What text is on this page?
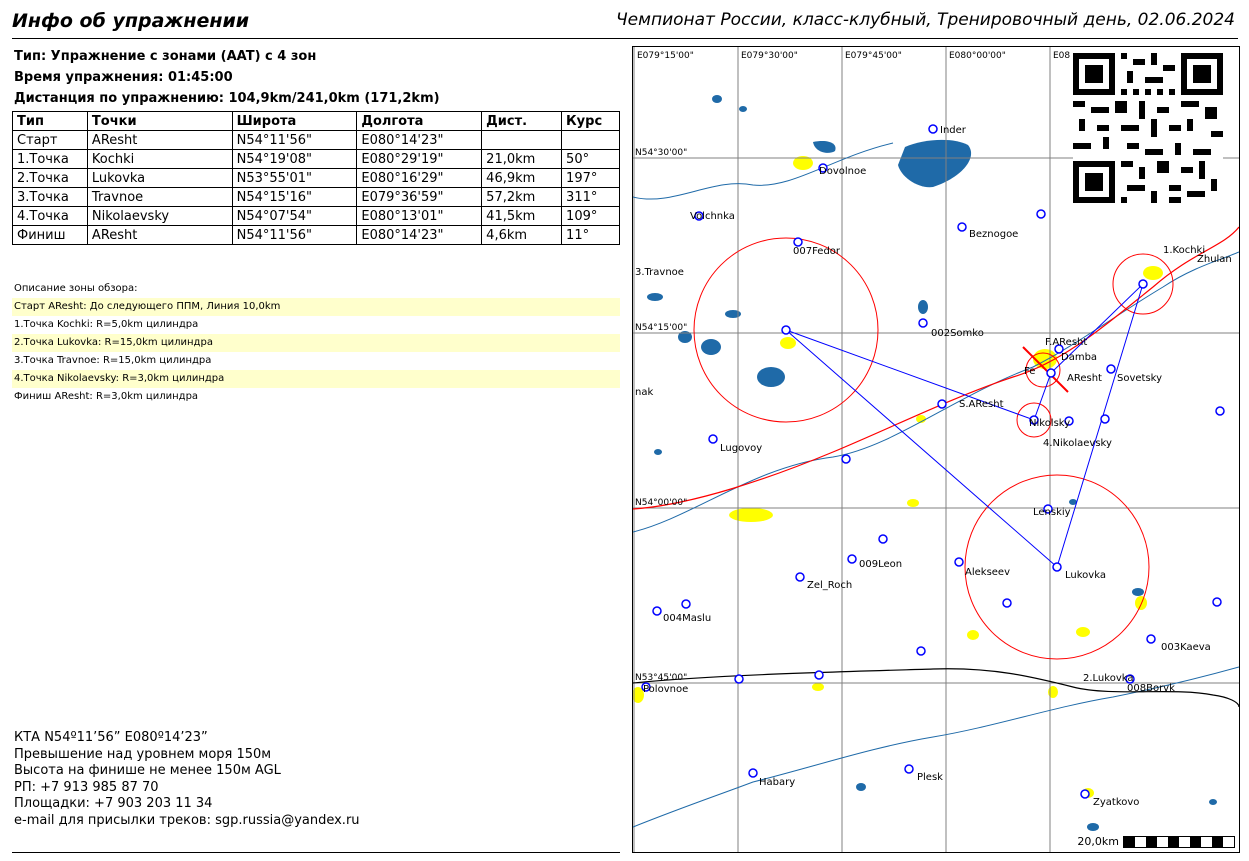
Инфо об упражнении	Чемпионат России, класс-клубный, Тренировочный день, 02.06.2024
Тип: Упражнение с зонами (AAT) с 4 зон
Время упражнения: 01:45:00
Дистанция по упражнению: 104,9km/241,0km (171,2km)
Тип	Точки	Широта	Долгота	Дист.	Курс
Старт	AResht	N54°11'56"	E080°14'23"		
1.Точка	Kochki	N54°19'08"	E080°29'19"	21,0km	50°
2.Точка	Lukovka	N53°55'01"	E080°16'29"	46,9km	197°
3.Точка	Travnoe	N54°15'16"	E079°36'59"	57,2km	311°
4.Точка	Nikolaevsky	N54°07'54"	E080°13'01"	41,5km	109°
Финиш	AResht	N54°11'56"	E080°14'23"	4,6km	11°
Описание зоны обзора:
Старт AResht: До следующего ППМ, Линия 10,0km
1.Точка Kochki: R=5,0km цилиндра
2.Точка Lukovka: R=15,0km цилиндра
3.Точка Travnoe: R=15,0km цилиндра
4.Точка Nikolaevsky: R=3,0km цилиндра
Финиш AResht: R=3,0km цилиндра
КТА N54º11’56” E080º14’23”
Превышение над уровнем моря 150м
Высота на финише не менее 150м AGL
РП: +7 913 985 87 70
Площадки: +7 903 203 11 34
e-mail для присылки треков: sgp.russia@yandex.ru
E079°15'00"	E079°30'00"	E079°45'00"	E080°00'00"	E08
N54°30'00"
N54°15'00"
N54°00'00"
N53°45'00"
1.Kochki
2.Lukovka
3.Travnoe
4.Nikolaevsky
S.AResht
F.AResht
Inder
Dovolnoe
Volchnka
Beznogoe
007Fedor
Zhulan
002Somko
Damba
AResht
Fe
Sovetsky
nak
Nikolsky
Lugovoy
Lenskiy
009Leon
Alekseev	Lukovka
Zel_Roch
004Maslu
003Kaeva
Polovnoe	008Borvk
Habary	Plesk
Zyatkovo
20,0km
